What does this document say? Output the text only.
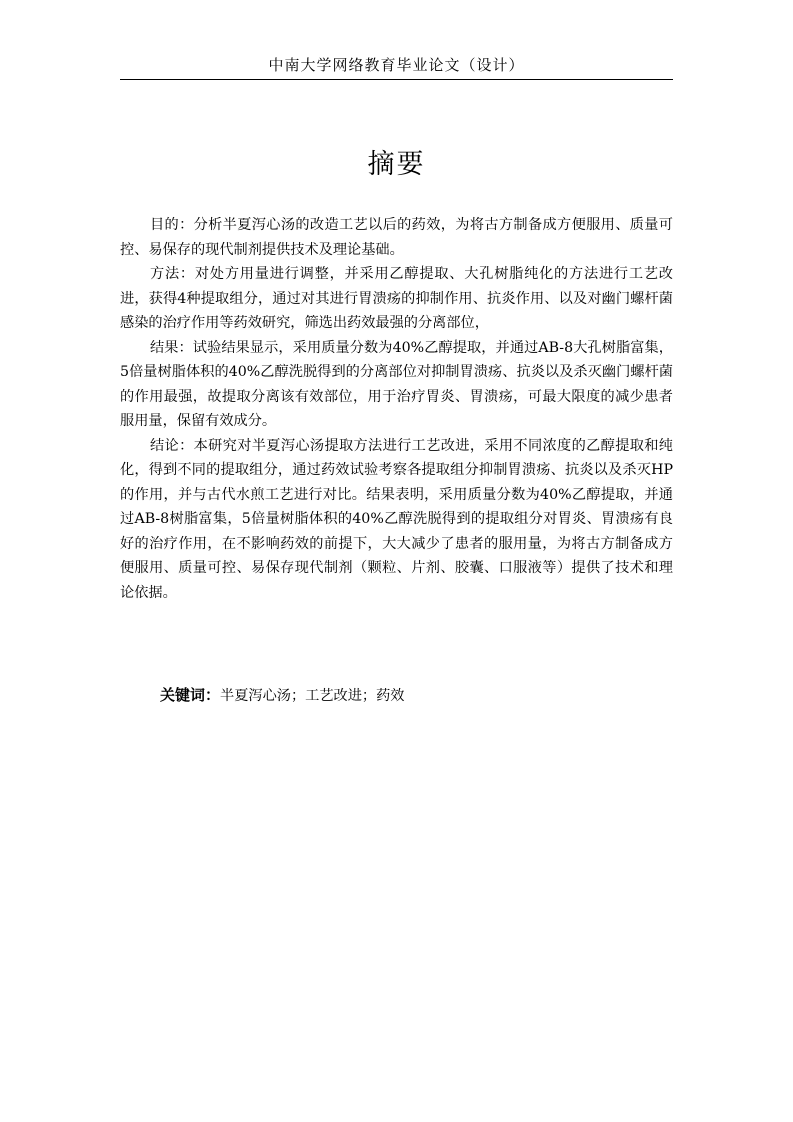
中南大学网络教育毕业论文（设计）
摘要

目的：分析半夏泻心汤的改造工艺以后的药效，为将古方制备成方便服用、质量可控、易保存的现代制剂提供技术及理论基础。

方法：对处方用量进行调整，并采用乙醇提取、大孔树脂纯化的方法进行工艺改进，获得4种提取组分，通过对其进行胃溃疡的抑制作用、抗炎作用、以及对幽门螺杆菌感染的治疗作用等药效研究，筛选出药效最强的分离部位，

结果：试验结果显示，采用质量分数为40%乙醇提取，并通过AB-8大孔树脂富集，5倍量树脂体积的40%乙醇洗脱得到的分离部位对抑制胃溃疡、抗炎以及杀灭幽门螺杆菌的作用最强，故提取分离该有效部位，用于治疗胃炎、胃溃疡，可最大限度的减少患者服用量，保留有效成分。

结论：本研究对半夏泻心汤提取方法进行工艺改进，采用不同浓度的乙醇提取和纯化，得到不同的提取组分，通过药效试验考察各提取组分抑制胃溃疡、抗炎以及杀灭HP的作用，并与古代水煎工艺进行对比。结果表明，采用质量分数为40%乙醇提取，并通过AB-8树脂富集，5倍量树脂体积的40%乙醇洗脱得到的提取组分对胃炎、胃溃疡有良好的治疗作用，在不影响药效的前提下，大大减少了患者的服用量，为将古方制备成方便服用、质量可控、易保存现代制剂（颗粒、片剂、胶囊、口服液等）提供了技术和理论依据。

关键词：半夏泻心汤；工艺改进；药效
